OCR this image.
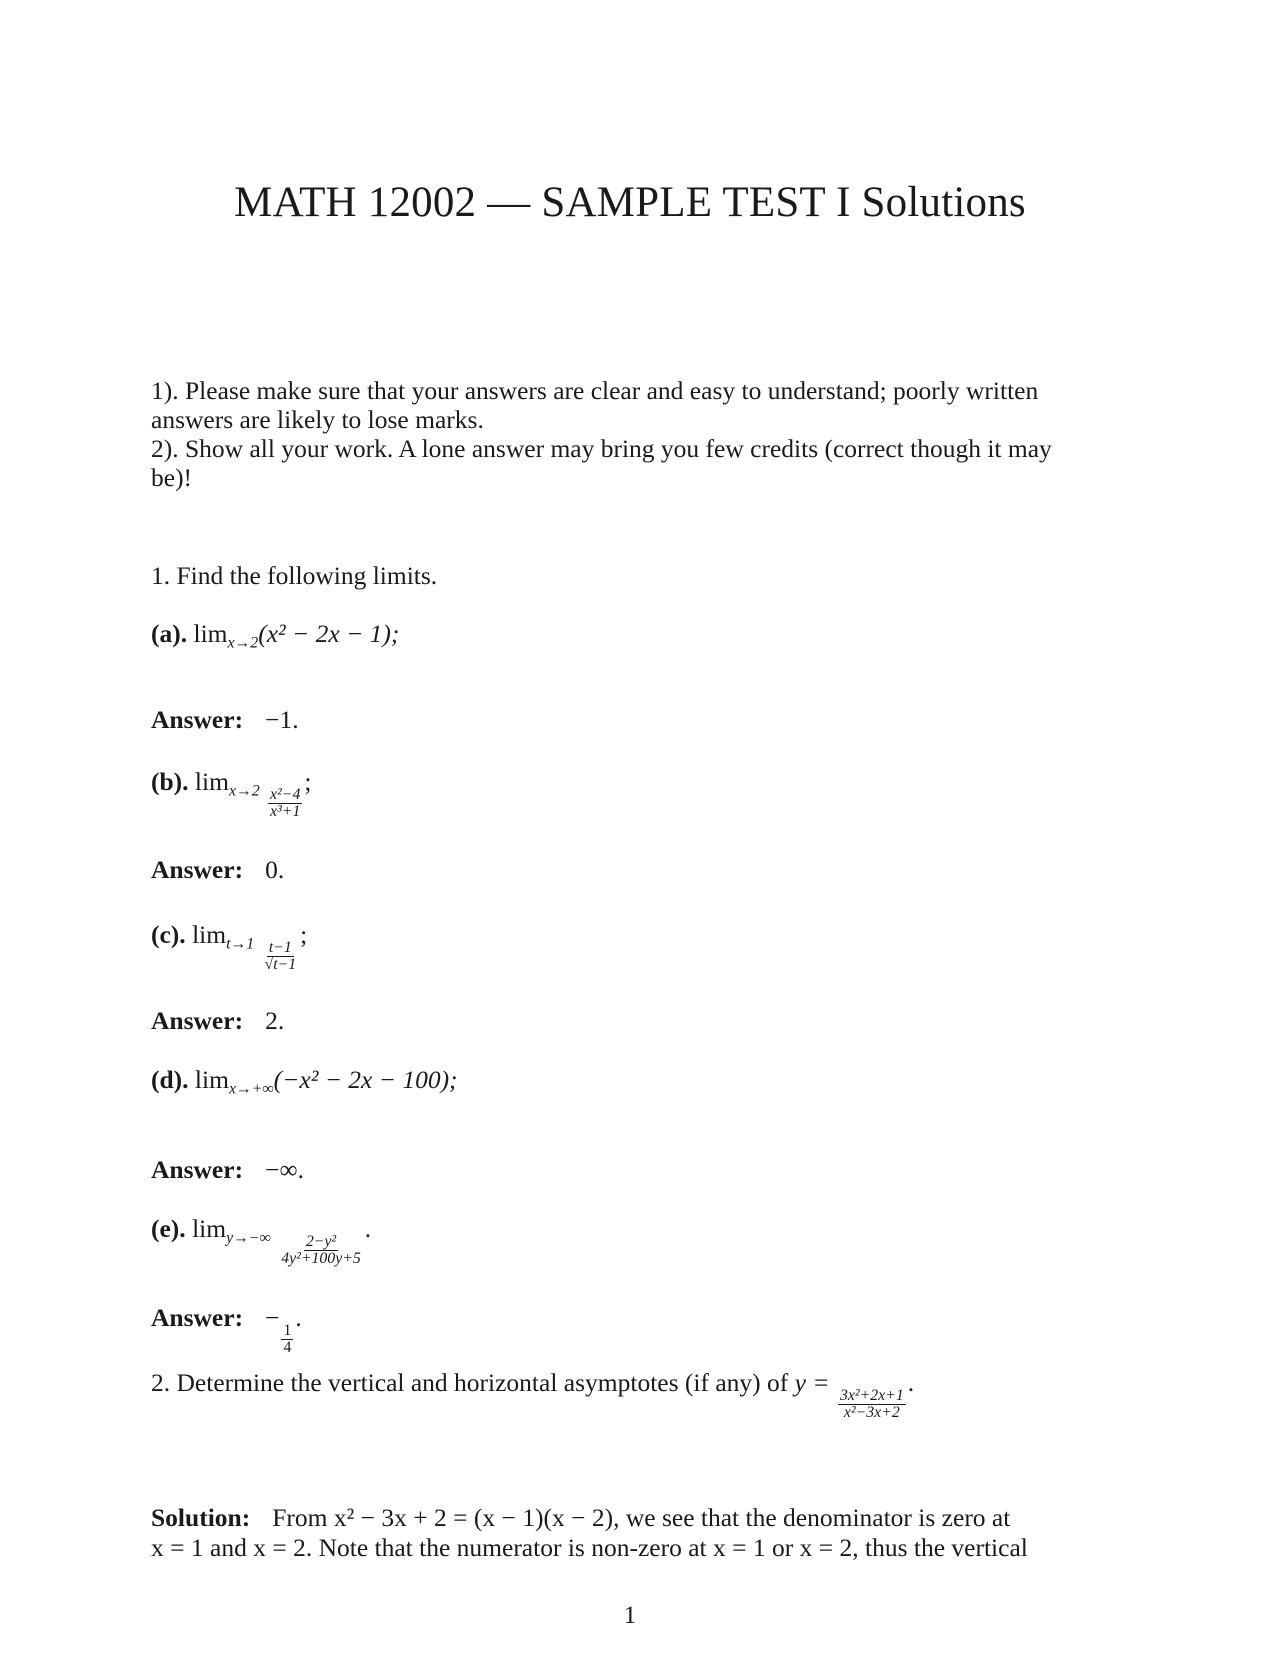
MATH 12002 — SAMPLE TEST I Solutions
1). Please make sure that your answers are clear and easy to understand; poorly written
answers are likely to lose marks.
2). Show all your work. A lone answer may bring you few credits (correct though it may
be)!
1. Find the following limits.
(a). $\lim_{x\to 2}(x^2 - 2x - 1)$;
Answer: −1.
(b). $\lim_{x\to 2} \frac{\text{x²−4}}{\text{x³+1}}$
;
Answer: 0.
(c). $\lim_{t\to 1} \frac{t-1}{√t-1}$
;
Answer: 2.
(d). $\lim_{x\to+\infty}(-x^2 - 2x - 100)$;
Answer: −∞.
(e). $\lim_{y\to-\infty} \frac{\text{2−y²}}{\text{4y²+100y+5}}$
.
Answer: −
$\frac{1}{4}$
.
2. Determine the vertical and horizontal asymptotes (if any) of y =
$\frac{\text{3x²+2x+1}}{\text{x²−3x+2}}$
.
Solution: From x² − 3x + 2 = (x − 1)(x − 2), we see that the denominator is zero at
x = 1 and x = 2. Note that the numerator is non-zero at x = 1 or x = 2, thus the vertical
1
